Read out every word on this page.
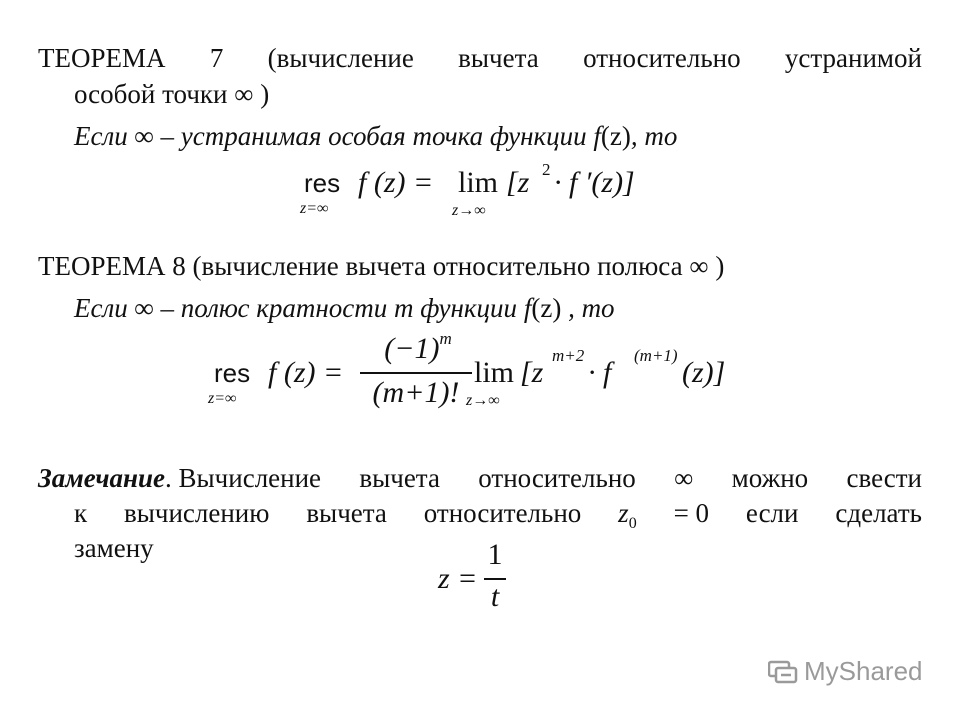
ТЕОРЕМА 7 (вычисление вычета относительно устранимой
особой точки ∞ )
Если ∞ – устранимая особая точка функции f(z), то
res
z=∞
f (z) = lim
z→∞
[z 2 · f ′(z)]
ТЕОРЕМА 8 (вычисление вычета относительно полюса ∞ )
Если ∞ – полюс кратности m функции f(z) , то
res
z=∞
f (z) =
$(-1)^m$
(m+1)!
lim
z→∞
[z
m+2
· f
(m+1)
(z)]
Замечание. Вычисление вычета относительно ∞ можно свести
к вычислению вычета относительно $z_0 = 0$ если сделать
замену
z =
1
t
MyShared
